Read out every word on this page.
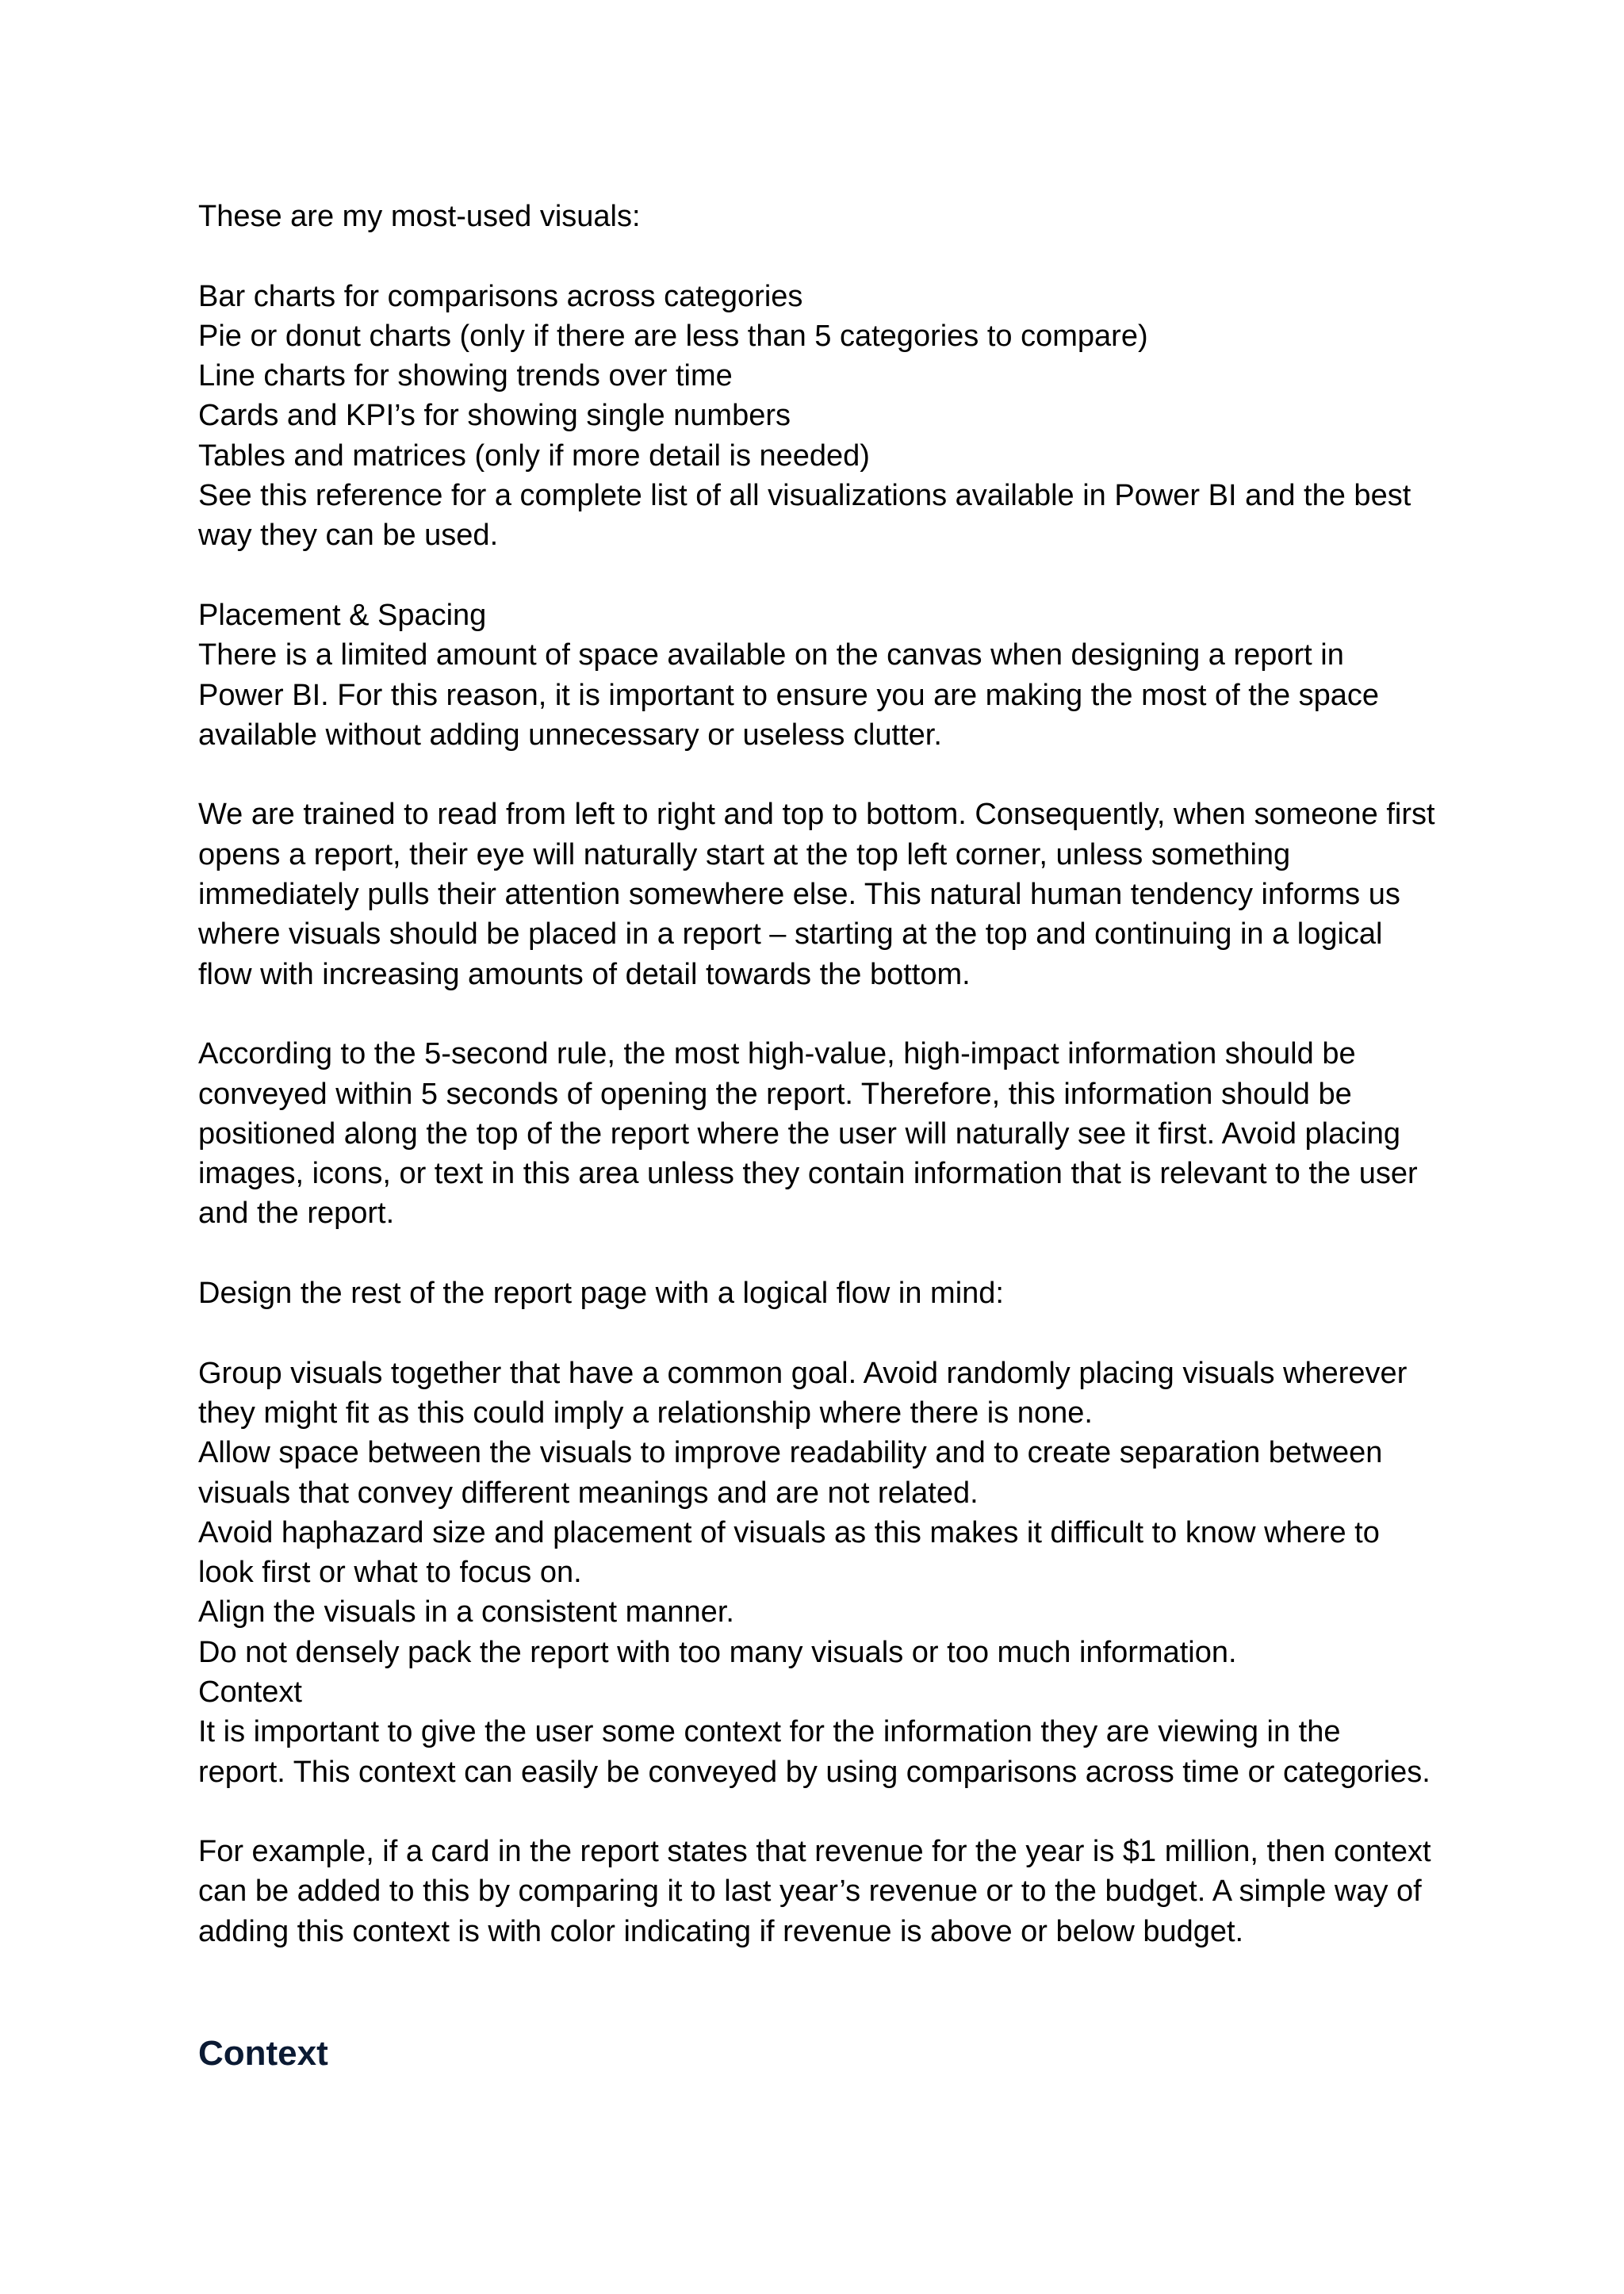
These are my most-used visuals:

Bar charts for comparisons across categories
Pie or donut charts (only if there are less than 5 categories to compare)
Line charts for showing trends over time
Cards and KPI’s for showing single numbers
Tables and matrices (only if more detail is needed)

See this reference for a complete list of all visualizations available in Power BI and the best
way they can be used.

Placement & Spacing
There is a limited amount of space available on the canvas when designing a report in
Power BI. For this reason, it is important to ensure you are making the most of the space
available without adding unnecessary or useless clutter.

We are trained to read from left to right and top to bottom. Consequently, when someone first
opens a report, their eye will naturally start at the top left corner, unless something
immediately pulls their attention somewhere else. This natural human tendency informs us
where visuals should be placed in a report – starting at the top and continuing in a logical
flow with increasing amounts of detail towards the bottom.

According to the 5-second rule, the most high-value, high-impact information should be
conveyed within 5 seconds of opening the report. Therefore, this information should be
positioned along the top of the report where the user will naturally see it first. Avoid placing
images, icons, or text in this area unless they contain information that is relevant to the user
and the report.

Design the rest of the report page with a logical flow in mind:

Group visuals together that have a common goal. Avoid randomly placing visuals wherever
they might fit as this could imply a relationship where there is none.
Allow space between the visuals to improve readability and to create separation between
visuals that convey different meanings and are not related.
Avoid haphazard size and placement of visuals as this makes it difficult to know where to
look first or what to focus on.
Align the visuals in a consistent manner.
Do not densely pack the report with too many visuals or too much information.

Context
It is important to give the user some context for the information they are viewing in the
report. This context can easily be conveyed by using comparisons across time or categories.

For example, if a card in the report states that revenue for the year is $1 million, then context
can be added to this by comparing it to last year’s revenue or to the budget. A simple way of
adding this context is with color indicating if revenue is above or below budget.

Context
